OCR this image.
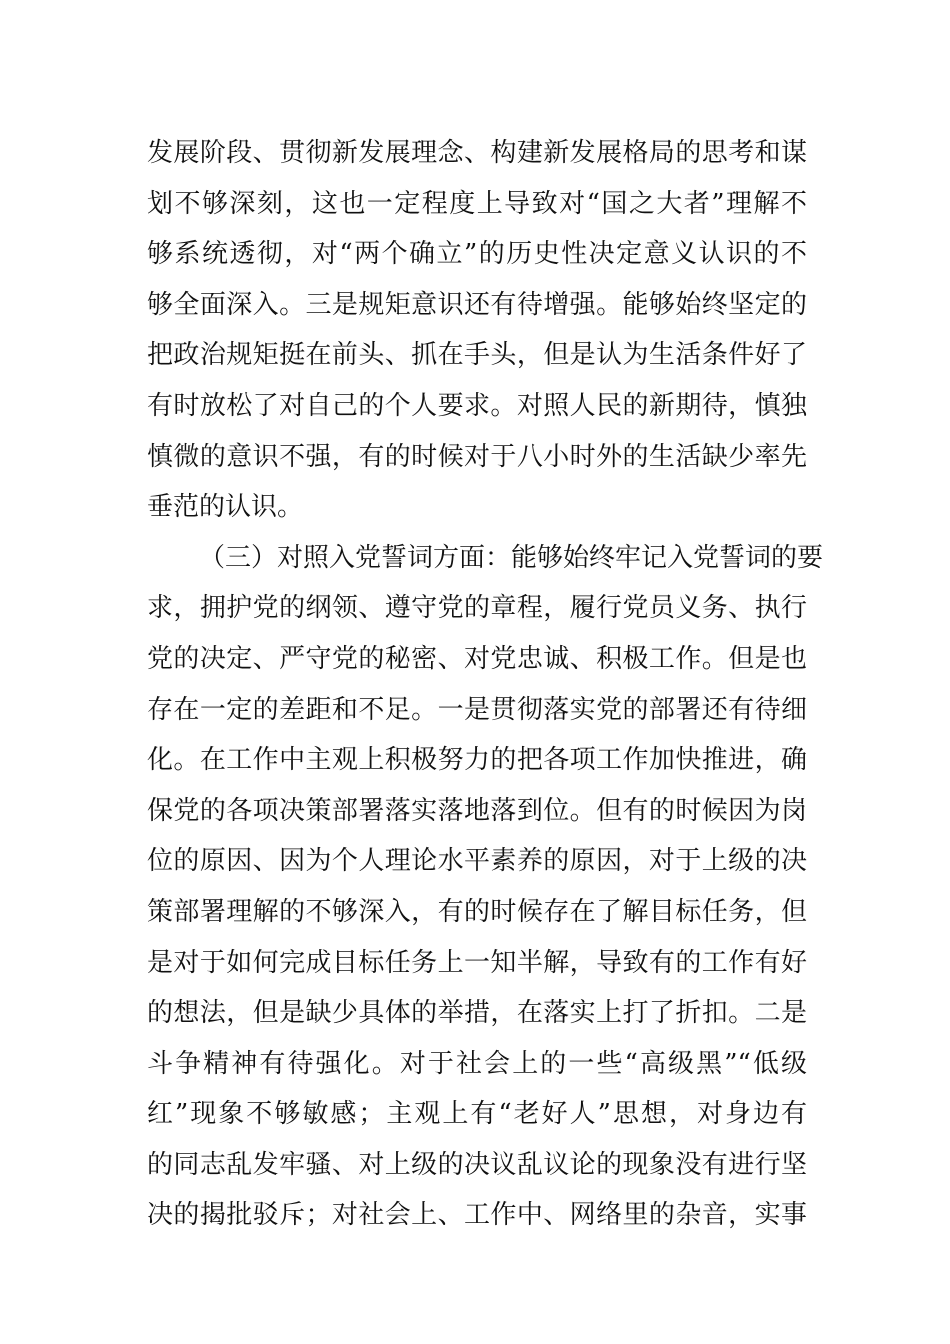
发展阶段、贯彻新发展理念、构建新发展格局的思考和谋
划不够深刻，这也一定程度上导致对“国之大者”理解不
够系统透彻，对“两个确立”的历史性决定意义认识的不
够全面深入。三是规矩意识还有待增强。能够始终坚定的
把政治规矩挺在前头、抓在手头，但是认为生活条件好了
有时放松了对自己的个人要求。对照人民的新期待，慎独
慎微的意识不强，有的时候对于八小时外的生活缺少率先
垂范的认识。
（三）对照入党誓词方面：能够始终牢记入党誓词的要
求，拥护党的纲领、遵守党的章程，履行党员义务、执行
党的决定、严守党的秘密、对党忠诚、积极工作。但是也
存在一定的差距和不足。一是贯彻落实党的部署还有待细
化。在工作中主观上积极努力的把各项工作加快推进，确
保党的各项决策部署落实落地落到位。但有的时候因为岗
位的原因、因为个人理论水平素养的原因，对于上级的决
策部署理解的不够深入，有的时候存在了解目标任务，但
是对于如何完成目标任务上一知半解，导致有的工作有好
的想法，但是缺少具体的举措，在落实上打了折扣。二是
斗争精神有待强化。对于社会上的一些“高级黑”“低级
红”现象不够敏感；主观上有“老好人”思想，对身边有
的同志乱发牢骚、对上级的决议乱议论的现象没有进行坚
决的揭批驳斥；对社会上、工作中、网络里的杂音，实事
